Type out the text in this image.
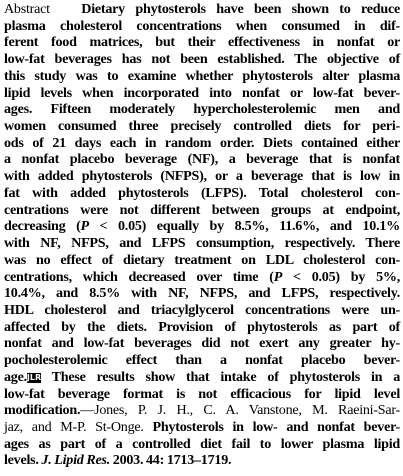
Abstract Dietary phytosterols have been shown to reduce
plasma cholesterol concentrations when consumed in dif-
ferent food matrices, but their effectiveness in nonfat or
low-fat beverages has not been established. The objective of
this study was to examine whether phytosterols alter plasma
lipid levels when incorporated into nonfat or low-fat bever-
ages. Fifteen moderately hypercholesterolemic men and
women consumed three precisely controlled diets for peri-
ods of 21 days each in random order. Diets contained either
a nonfat placebo beverage (NF), a beverage that is nonfat
with added phytosterols (NFPS), or a beverage that is low in
fat with added phytosterols (LFPS). Total cholesterol con-
centrations were not different between groups at endpoint,
decreasing (P < 0.05) equally by 8.5%, 11.6%, and 10.1%
with NF, NFPS, and LFPS consumption, respectively. There
was no effect of dietary treatment on LDL cholesterol con-
centrations, which decreased over time (P < 0.05) by 5%,
10.4%, and 8.5% with NF, NFPS, and LFPS, respectively.
HDL cholesterol and triacylglycerol concentrations were un-
affected by the diets. Provision of phytosterols as part of
nonfat and low-fat beverages did not exert any greater hy-
pocholesterolemic effect than a nonfat placebo bever-
age.JLR These results show that intake of phytosterols in a
low-fat beverage format is not efficacious for lipid level
modification.—Jones, P. J. H., C. A. Vanstone, M. Raeini-Sar-
jaz, and M-P. St-Onge. Phytosterols in low- and nonfat bever-
ages as part of a controlled diet fail to lower plasma lipid
levels. J. Lipid Res. 2003. 44: 1713–1719.
